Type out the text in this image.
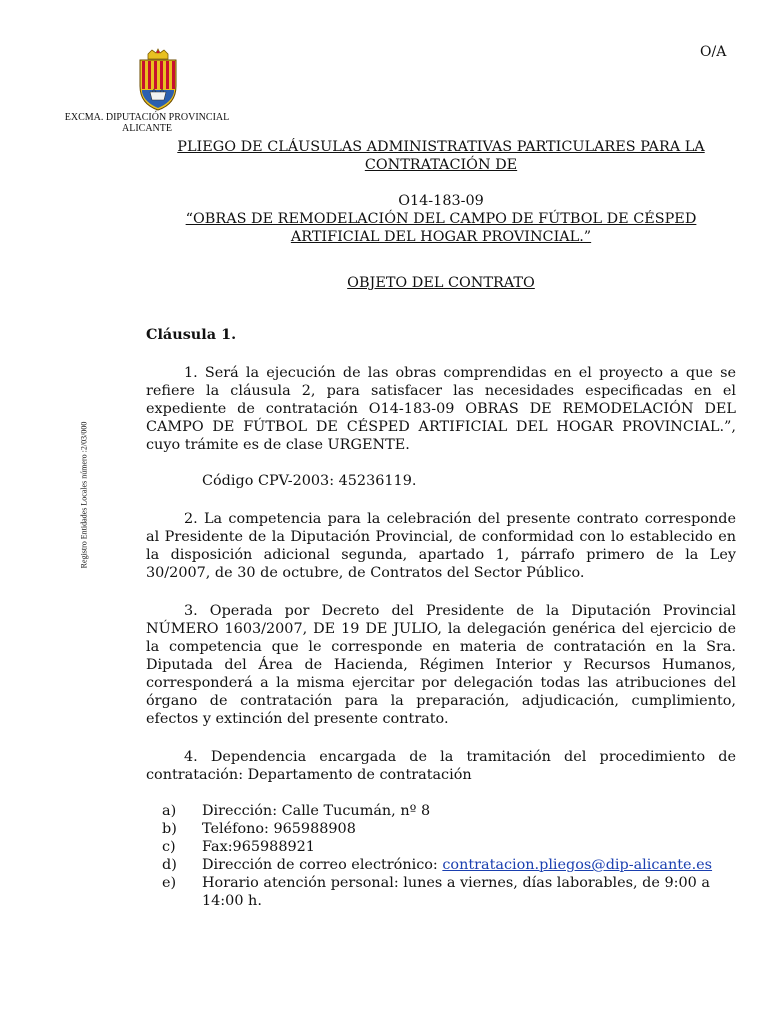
O/A
EXCMA. DIPUTACIÓN PROVINCIAL
ALICANTE
Registro Entidades Locales número :2/03/000
PLIEGO DE CLÁUSULAS ADMINISTRATIVAS PARTICULARES PARA LA
CONTRATACIÓN DE
O14-183-09
“OBRAS DE REMODELACIÓN DEL CAMPO DE FÚTBOL DE CÉSPED
ARTIFICIAL DEL HOGAR PROVINCIAL.”
OBJETO DEL CONTRATO
Cláusula 1.

1. Será la ejecución de las obras comprendidas en el proyecto a que se refiere la cláusula 2, para satisfacer las necesidades especificadas en el expediente de contratación O14-183-09 OBRAS DE REMODELACIÓN DEL CAMPO DE FÚTBOL DE CÉSPED ARTIFICIAL DEL HOGAR PROVINCIAL.”, cuyo trámite es de clase URGENTE.

Código CPV-2003: 45236119.

2. La competencia para la celebración del presente contrato corresponde al Presidente de la Diputación Provincial, de conformidad con lo establecido en la disposición adicional segunda, apartado 1, párrafo primero de la Ley 30/2007, de 30 de octubre, de Contratos del Sector Público.

3. Operada por Decreto del Presidente de la Diputación Provincial NÚMERO 1603/2007, DE 19 DE JULIO, la delegación genérica del ejercicio de la competencia que le corresponde en materia de contratación en la Sra. Diputada del Área de Hacienda, Régimen Interior y Recursos Humanos, corresponderá a la misma ejercitar por delegación todas las atribuciones del órgano de contratación para la preparación, adjudicación, cumplimiento, efectos y extinción del presente contrato.

4. Dependencia encargada de la tramitación del procedimiento de contratación: Departamento de contratación

a)	Dirección: Calle Tucumán, nº 8
b)	Teléfono: 965988908
c)	Fax:965988921
d)	Dirección de correo electrónico: contratacion.pliegos@dip-alicante.es
e)	Horario atención personal: lunes a viernes, días laborables, de 9:00 a 14:00 h.
